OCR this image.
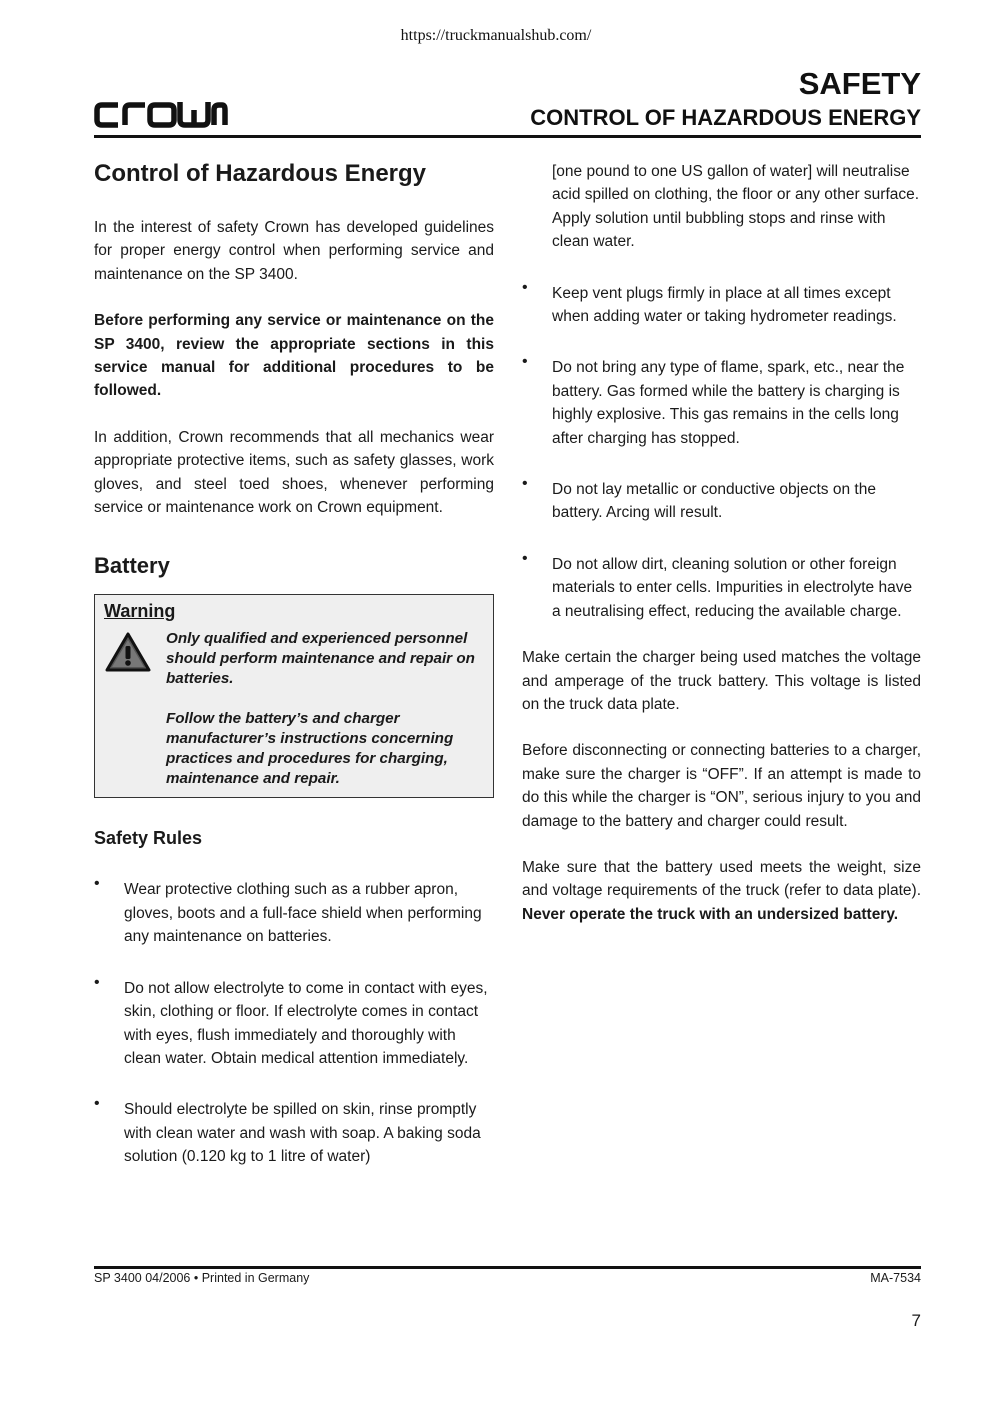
https://truckmanualshub.com/
SAFETY
CONTROL OF HAZARDOUS ENERGY
Control of Hazardous Energy

In the interest of safety Crown has developed guidelines for proper energy control when performing service and maintenance on the SP 3400.

Before performing any service or maintenance on the SP 3400, review the appropriate sections in this service manual for additional procedures to be followed.

In addition, Crown recommends that all mechanics wear appropriate protective items, such as safety glasses, work gloves, and steel toed shoes, whenever performing service or maintenance work on Crown equipment.

Battery
Warning

Only qualified and experienced personnel should perform maintenance and repair on batteries.

Follow the battery’s and charger manufacturer’s instructions concerning practices and procedures for charging, maintenance and repair.

Safety Rules
• Wear protective clothing such as a rubber apron, gloves, boots and a full-face shield when performing any maintenance on batteries.
• Do not allow electrolyte to come in contact with eyes, skin, clothing or floor. If electrolyte comes in contact with eyes, flush immediately and thoroughly with clean water. Obtain medical attention immediately.
• Should electrolyte be spilled on skin, rinse promptly with clean water and wash with soap. A baking soda solution (0.120 kg to 1 litre of water)

[one pound to one US gallon of water] will neutralise acid spilled on clothing, the floor or any other surface. Apply solution until bubbling stops and rinse with clean water.

• Keep vent plugs firmly in place at all times except when adding water or taking hydrometer readings.
• Do not bring any type of flame, spark, etc., near the battery. Gas formed while the battery is charging is highly explosive. This gas remains in the cells long after charging has stopped.
• Do not lay metallic or conductive objects on the battery. Arcing will result.
• Do not allow dirt, cleaning solution or other foreign materials to enter cells. Impurities in electrolyte have a neutralising effect, reducing the available charge.

Make certain the charger being used matches the voltage and amperage of the truck battery. This voltage is listed on the truck data plate.

Before disconnecting or connecting batteries to a charger, make sure the charger is “OFF”. If an attempt is made to do this while the charger is “ON”, serious injury to you and damage to the battery and charger could result.

Make sure that the battery used meets the weight, size and voltage requirements of the truck (refer to data plate). Never operate the truck with an undersized battery.

SP 3400 04/2006 • Printed in Germany	MA-7534
7
